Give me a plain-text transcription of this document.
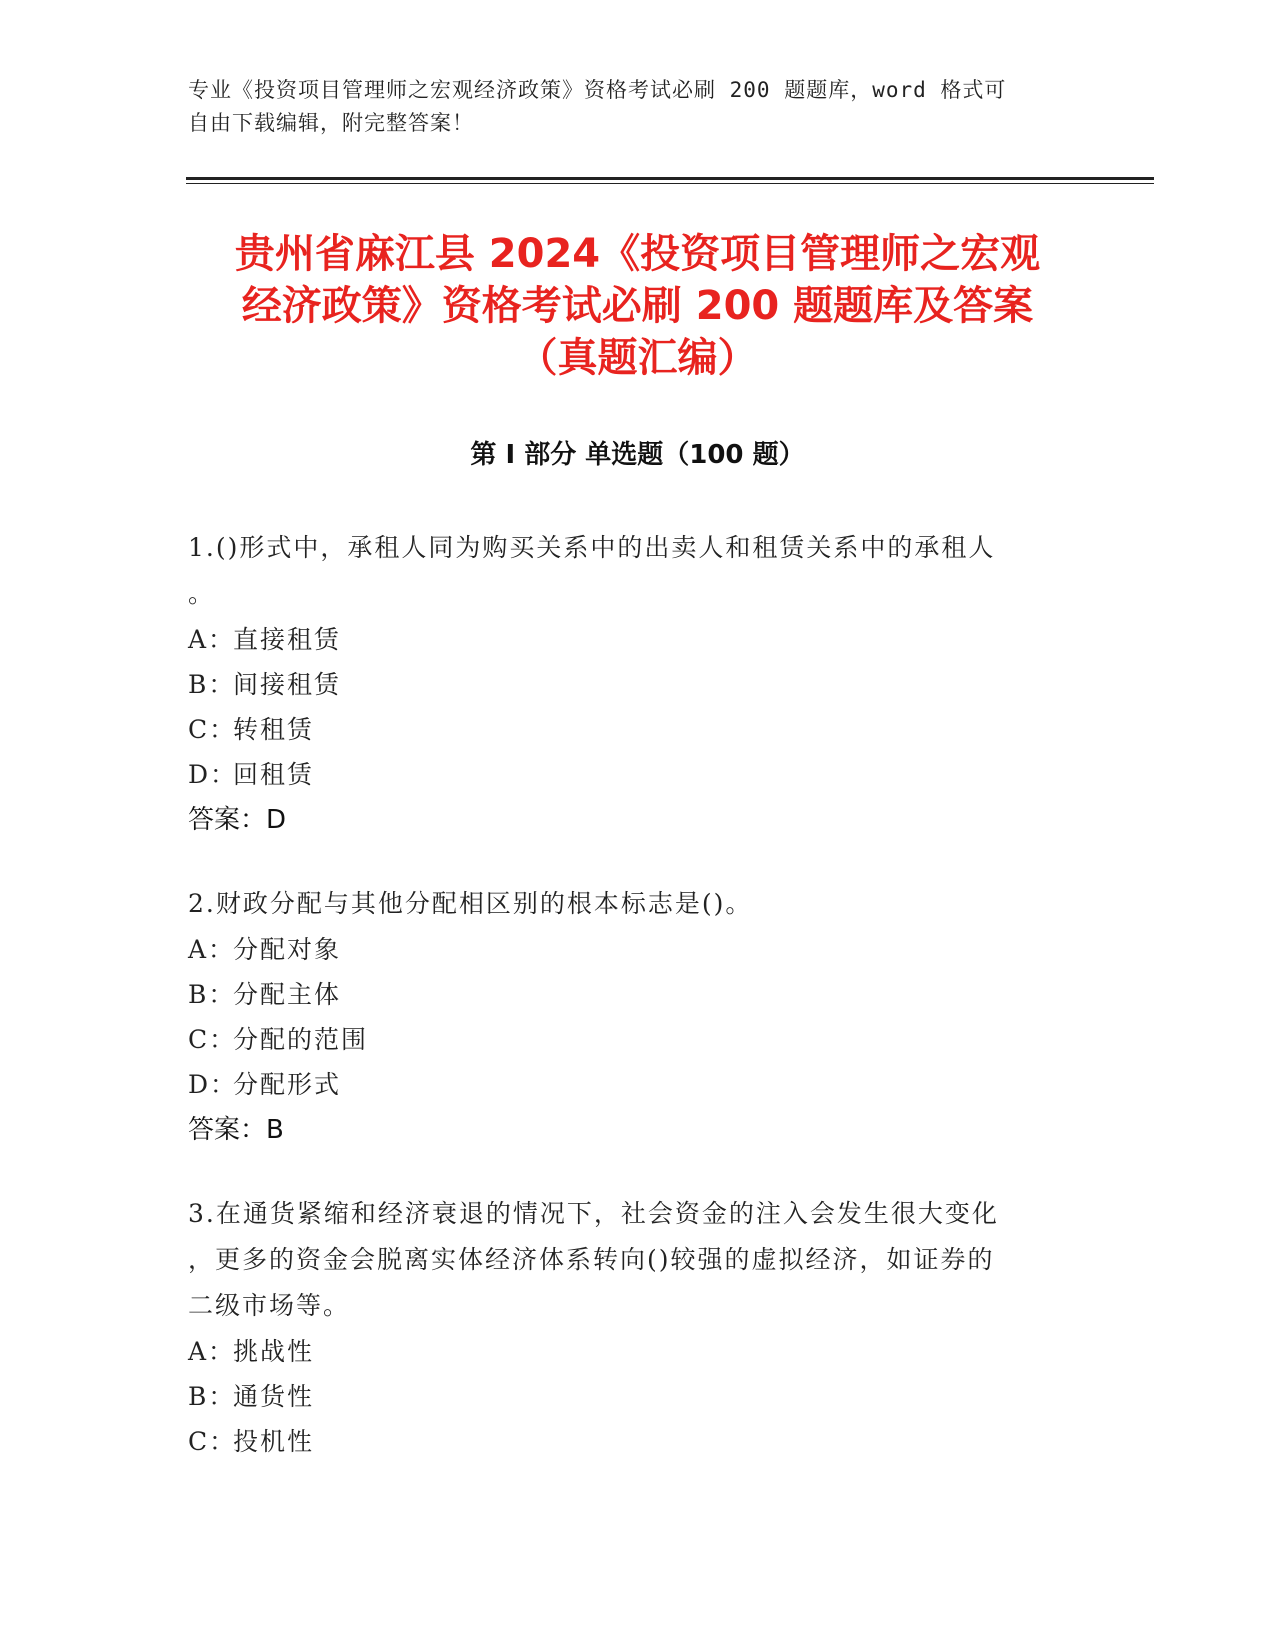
专业《投资项目管理师之宏观经济政策》资格考试必刷 200 题题库，word 格式可
自由下载编辑，附完整答案！
贵州省麻江县 2024《投资项目管理师之宏观
经济政策》资格考试必刷 200 题题库及答案
（真题汇编）
第 I 部分 单选题（100 题）
1.()形式中，承租人同为购买关系中的出卖人和租赁关系中的承租人
。
A：直接租赁
B：间接租赁
C：转租赁
D：回租赁
答案：D
2.财政分配与其他分配相区别的根本标志是()。
A：分配对象
B：分配主体
C：分配的范围
D：分配形式
答案：B
3.在通货紧缩和经济衰退的情况下，社会资金的注入会发生很大变化
，更多的资金会脱离实体经济体系转向()较强的虚拟经济，如证券的
二级市场等。
A：挑战性
B：通货性
C：投机性
